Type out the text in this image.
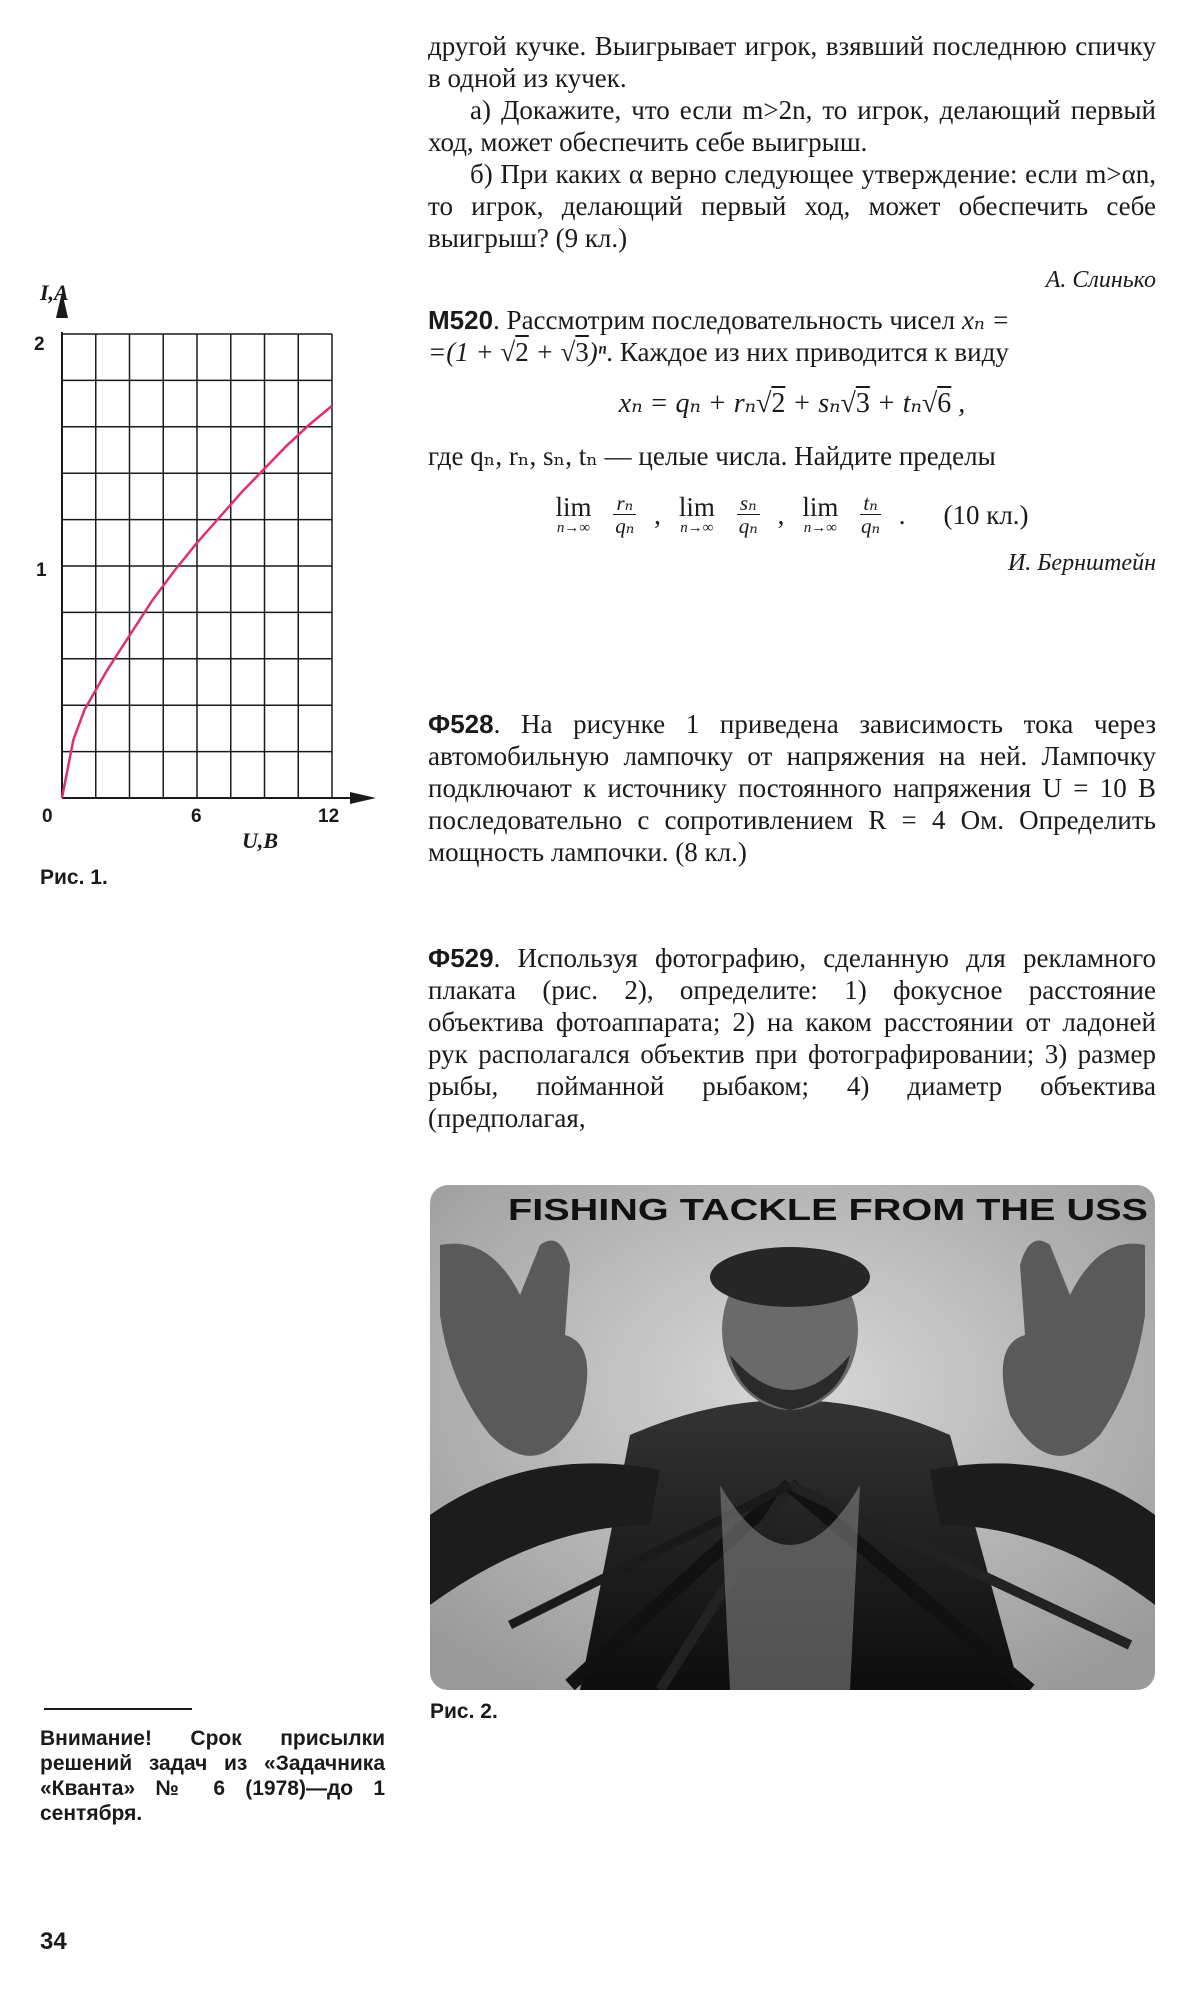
I,A
2
1
0	6	12
U,B
Рис. 1.

другой кучке. Выигрывает игрок, взявший последнюю спичку в одной из кучек.

а) Докажите, что если m>2n, то игрок, делающий первый ход, может обеспечить себе выигрыш.

б) При каких α верно следующее утверждение: если m>αn, то игрок, делающий первый ход, может обеспечить себе выигрыш? (9 кл.)

А. Слинько

М520. Рассмотрим последовательность чисел xₙ =
=(1 + √2 + √3)ⁿ. Каждое из них приводится к виду

xₙ = qₙ + rₙ√2 + sₙ√3 + tₙ√6 ,

где qₙ, rₙ, sₙ, tₙ — целые числа. Найдите пределы

lim
$n\to\infty \frac{\text{rₙ}}{\text{qₙ}}$ , lim
$n\to\infty \frac{\text{sₙ}}{\text{qₙ}}$ , lim
$n\to\infty \frac{\text{tₙ}}{\text{qₙ}}$ . (10 кл.)

И. Бернштейн

Ф528. На рисунке 1 приведена зависимость тока через автомобильную лампочку от напряжения на ней. Лампочку подключают к источнику постоянного напряжения U = 10 В последовательно с сопротивлением R = 4 Ом. Определить мощность лампочки. (8 кл.)

Ф529. Используя фотографию, сделанную для рекламного плаката (рис. 2), определите: 1) фокусное расстояние объектива фотоаппарата; 2) на каком расстоянии от ладоней рук располагался объектив при фотографировании; 3) размер рыбы, пойманной рыбаком; 4) диаметр объектива (предполагая,

FISHING TACKLE FROM THE USS
Рис. 2.
Внимание! Срок присылки решений задач из «Задачника «Кванта» № 6 (1978)—до 1 сентября.
34
